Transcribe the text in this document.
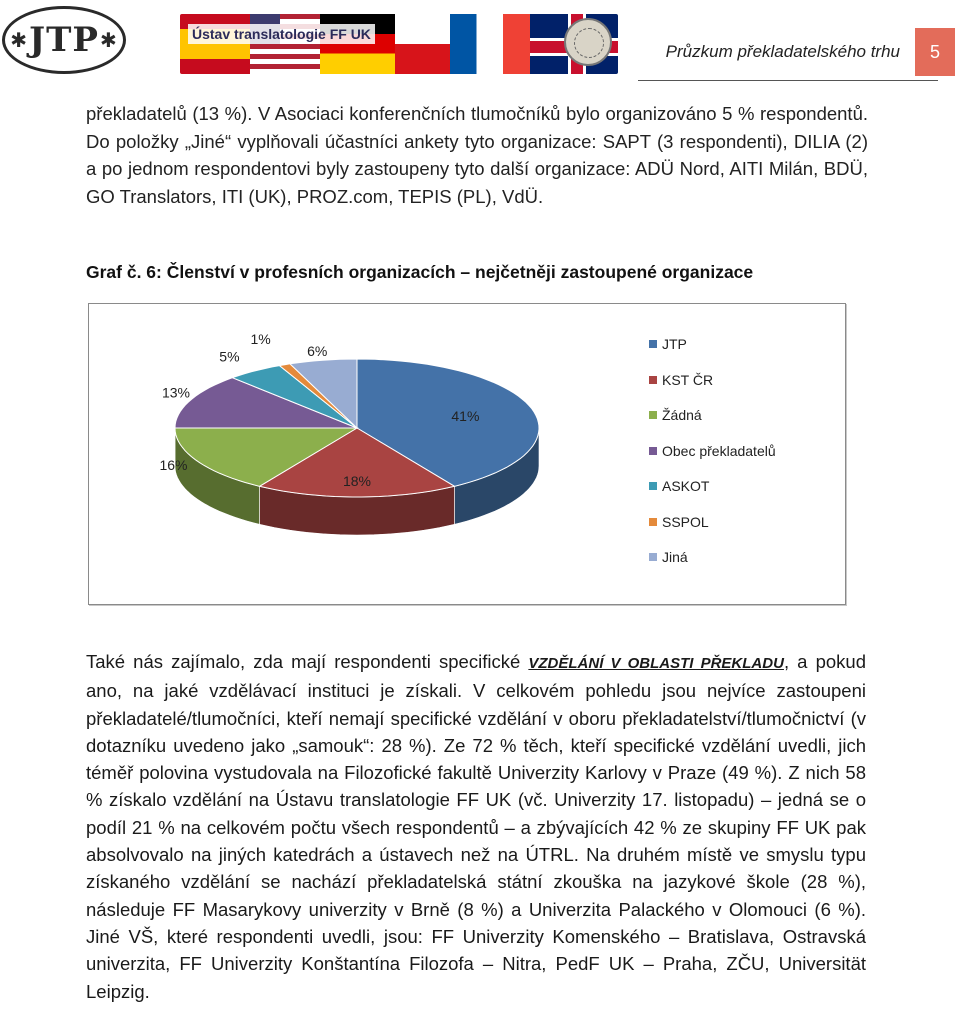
✱ JTP ✱	Ústav translatologie FF UK
Průzkum překladatelského trhu	5
překladatelů (13 %). V Asociaci konferenčních tlumočníků bylo organizováno 5 % respondentů. Do položky „Jiné“ vyplňovali účastníci ankety tyto organizace: SAPT (3 respondenti), DILIA (2) a po jednom respondentovi byly zastoupeny tyto další organizace: ADÜ Nord, AITI Milán, BDÜ, GO Translators, ITI (UK), PROZ.com, TEPIS (PL), VdÜ.
Graf č. 6: Členství v profesních organizacích – nejčetněji zastoupené organizace
41%
18%
16%
13%
5%
1%
6%	JTP
KST ČR
Žádná
Obec překladatelů
ASKOT
SSPOL
Jiná
Také nás zajímalo, zda mají respondenti specifické VZDĚLÁNÍ V OBLASTI PŘEKLADU, a pokud ano, na jaké vzdělávací instituci je získali. V celkovém pohledu jsou nejvíce zastoupeni překladatelé/tlumočníci, kteří nemají specifické vzdělání v oboru překladatelství/tlumočnictví (v dotazníku uvedeno jako „samouk“: 28 %). Ze 72 % těch, kteří specifické vzdělání uvedli, jich téměř polovina vystudovala na Filozofické fakultě Univerzity Karlovy v Praze (49 %). Z nich 58 % získalo vzdělání na Ústavu translatologie FF UK (vč. Univerzity 17. listopadu) – jedná se o podíl 21 % na celkovém počtu všech respondentů – a zbývajících 42 % ze skupiny FF UK pak absolvovalo na jiných katedrách a ústavech než na ÚTRL. Na druhém místě ve smyslu typu získaného vzdělání se nachází překladatelská státní zkouška na jazykové škole (28 %), následuje FF Masarykovy univerzity v Brně (8 %) a Univerzita Palackého v Olomouci (6 %). Jiné VŠ, které respondenti uvedli, jsou: FF Univerzity Komenského – Bratislava, Ostravská univerzita, FF Univerzity Konštantína Filozofa – Nitra, PedF UK – Praha, ZČU, Universität Leipzig.
